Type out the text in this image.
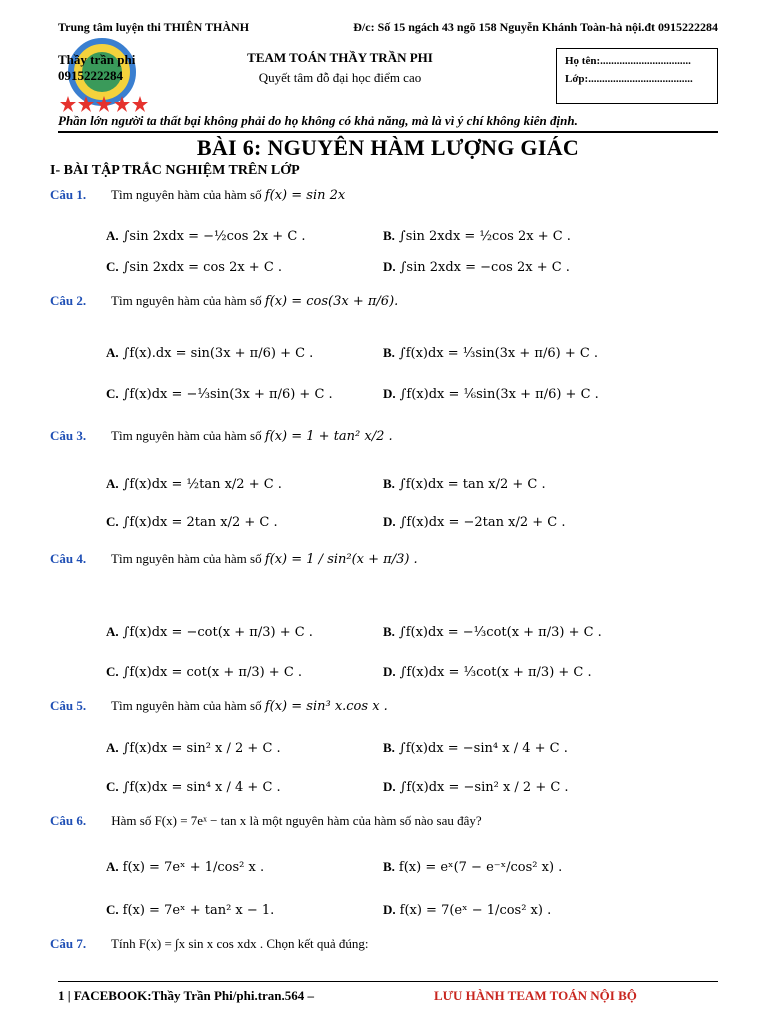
Trung tâm luyện thi THIÊN THÀNH	Đ/c: Số 15 ngách 43 ngõ 158 Nguyễn Khánh Toàn-hà nội.đt 0915222284
Thầy trần phi
0915222284
TEAM TOÁN THẦY TRẦN PHI
Quyết tâm đỗ đại học điểm cao
Họ tên:.................................
Lớp:......................................
Phần lớn người ta thất bại không phải do họ không có khả năng, mà là vì ý chí không kiên định.
BÀI 6: NGUYÊN HÀM LƯỢNG GIÁC
I- BÀI TẬP TRẮC NGHIỆM TRÊN LỚP
Câu 1. Tìm nguyên hàm của hàm số f(x) = sin 2x
A. ∫sin 2xdx = −½cos 2x + C .	B. ∫sin 2xdx = ½cos 2x + C .
C. ∫sin 2xdx = cos 2x + C .	D. ∫sin 2xdx = −cos 2x + C .
Câu 2. Tìm nguyên hàm của hàm số f(x) = cos(3x + π/6).
A. ∫f(x).dx = sin(3x + π/6) + C .	B. ∫f(x)dx = ⅓sin(3x + π/6) + C .
C. ∫f(x)dx = −⅓sin(3x + π/6) + C .	D. ∫f(x)dx = ⅙sin(3x + π/6) + C .
Câu 3. Tìm nguyên hàm của hàm số f(x) = 1 + tan² x/2 .
A. ∫f(x)dx = ½tan x/2 + C .	B. ∫f(x)dx = tan x/2 + C .
C. ∫f(x)dx = 2tan x/2 + C .	D. ∫f(x)dx = −2tan x/2 + C .
Câu 4. Tìm nguyên hàm của hàm số f(x) = 1 / sin²(x + π/3) .
A. ∫f(x)dx = −cot(x + π/3) + C .	B. ∫f(x)dx = −⅓cot(x + π/3) + C .
C. ∫f(x)dx = cot(x + π/3) + C .	D. ∫f(x)dx = ⅓cot(x + π/3) + C .
Câu 5. Tìm nguyên hàm của hàm số f(x) = sin³ x.cos x .
A. ∫f(x)dx = sin² x / 2 + C .	B. ∫f(x)dx = −sin⁴ x / 4 + C .
C. ∫f(x)dx = sin⁴ x / 4 + C .	D. ∫f(x)dx = −sin² x / 2 + C .
Câu 6. Hàm số F(x) = 7eˣ − tan x là một nguyên hàm của hàm số nào sau đây?
A. f(x) = 7eˣ + 1/cos² x .	B. f(x) = eˣ(7 − e⁻ˣ/cos² x) .
C. f(x) = 7eˣ + tan² x − 1.	D. f(x) = 7(eˣ − 1/cos² x) .
Câu 7. Tính F(x) = ∫x sin x cos xdx . Chọn kết quả đúng:
1 | FACEBOOK:Thầy Trần Phi/phi.tran.564 –	LƯU HÀNH TEAM TOÁN NỘI BỘ
